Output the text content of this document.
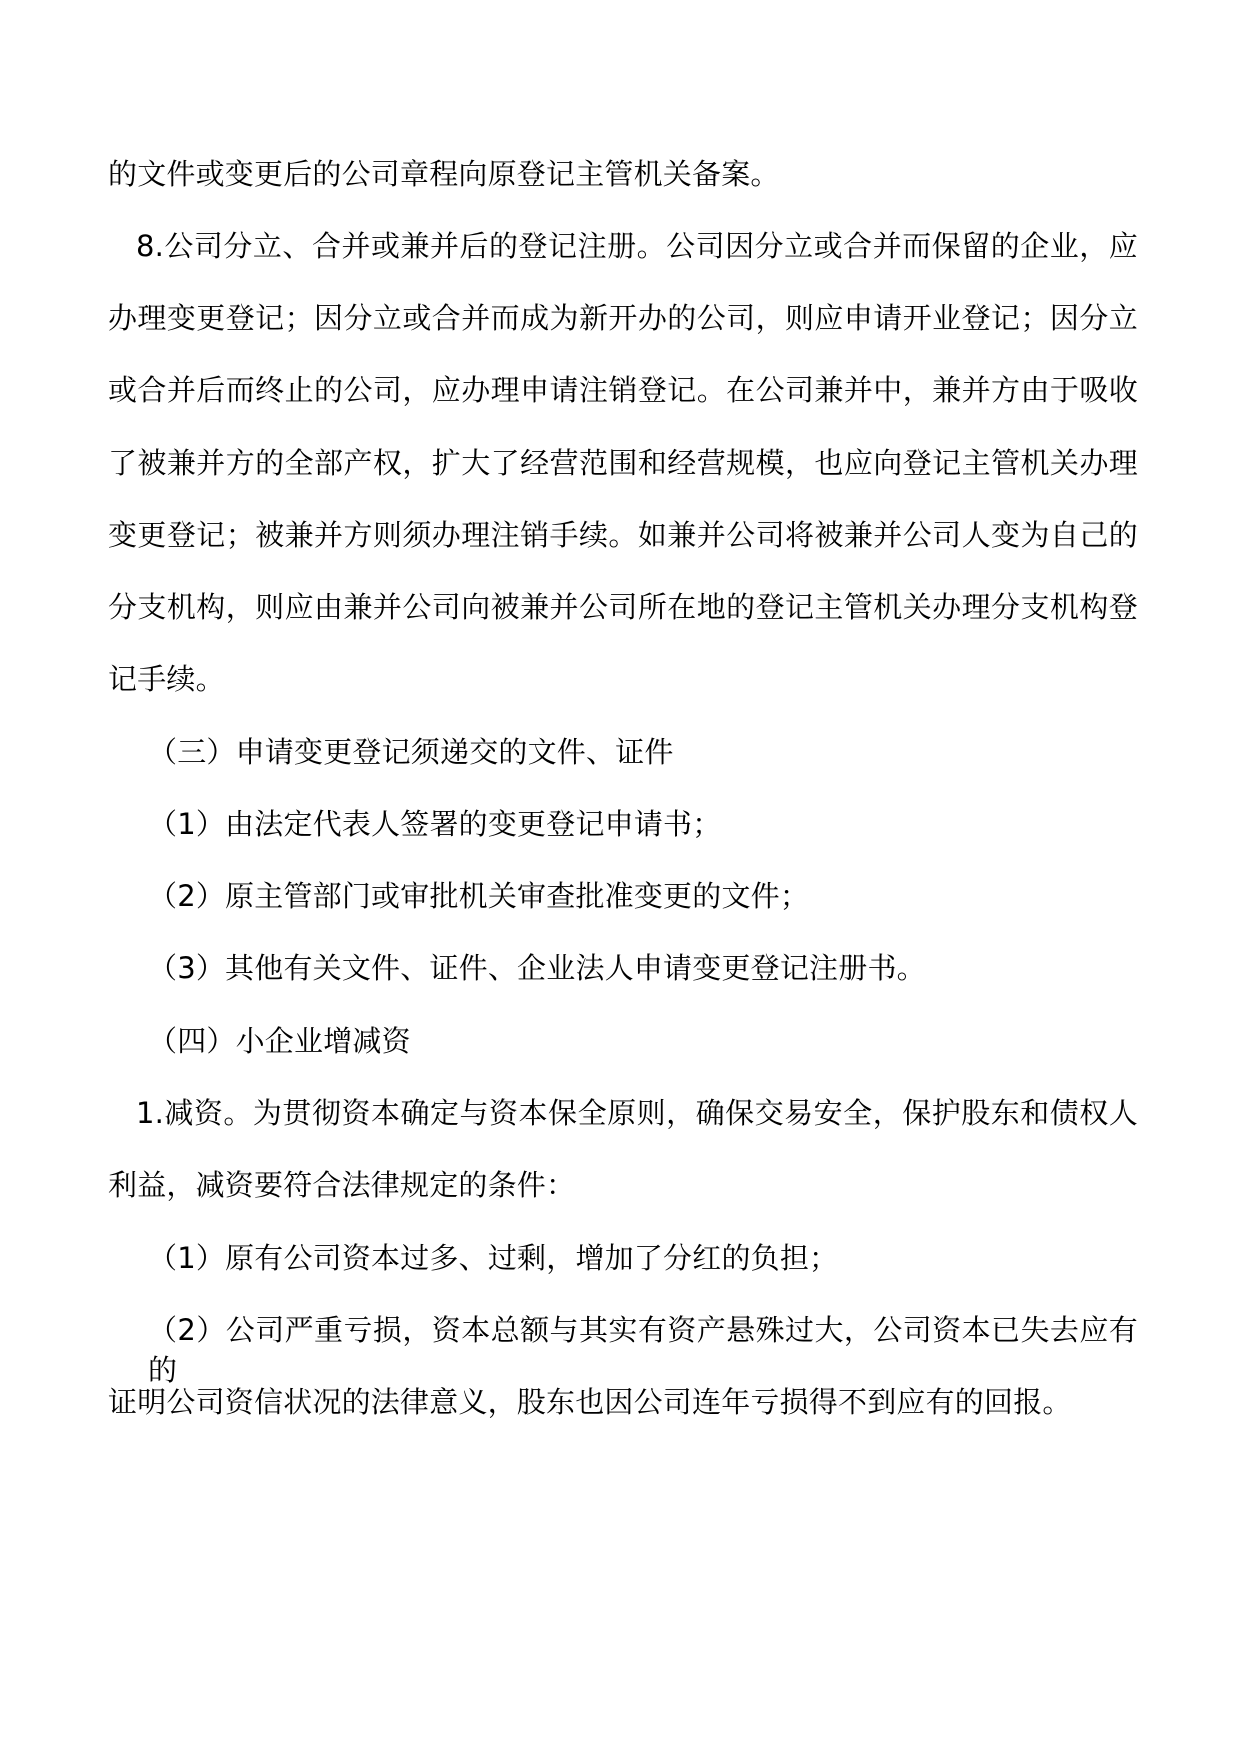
的文件或变更后的公司章程向原登记主管机关备案。
8.公司分立、合并或兼并后的登记注册。公司因分立或合并而保留的企业，应
办理变更登记；因分立或合并而成为新开办的公司，则应申请开业登记；因分立
或合并后而终止的公司，应办理申请注销登记。在公司兼并中，兼并方由于吸收
了被兼并方的全部产权，扩大了经营范围和经营规模，也应向登记主管机关办理
变更登记；被兼并方则须办理注销手续。如兼并公司将被兼并公司人变为自己的
分支机构，则应由兼并公司向被兼并公司所在地的登记主管机关办理分支机构登
记手续。
（三）申请变更登记须递交的文件、证件
（1）由法定代表人签署的变更登记申请书；
（2）原主管部门或审批机关审查批准变更的文件；
（3）其他有关文件、证件、企业法人申请变更登记注册书。
（四）小企业增减资
1.减资。为贯彻资本确定与资本保全原则，确保交易安全，保护股东和债权人
利益，减资要符合法律规定的条件：
（1）原有公司资本过多、过剩，增加了分红的负担；
（2）公司严重亏损，资本总额与其实有资产悬殊过大，公司资本已失去应有的
证明公司资信状况的法律意义，股东也因公司连年亏损得不到应有的回报。
